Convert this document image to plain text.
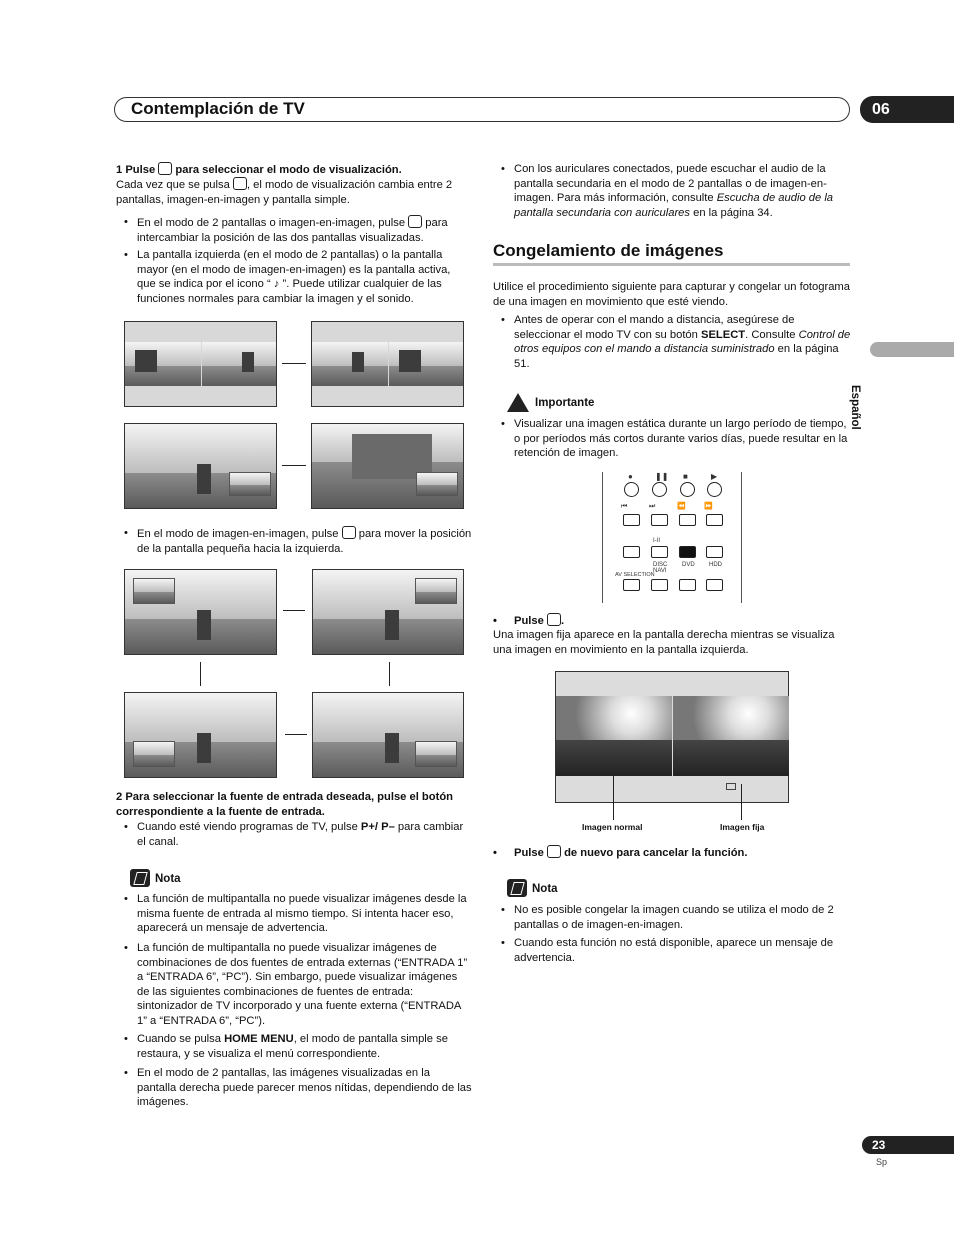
Contemplación de TV	06
Español
1 Pulse  para seleccionar el modo de visualización.
Cada vez que se pulsa , el modo de visualización cambia entre 2 pantallas, imagen-en-imagen y pantalla simple.
• En el modo de 2 pantallas o imagen-en-imagen, pulse  para intercambiar la posición de las dos pantallas visualizadas.
• La pantalla izquierda (en el modo de 2 pantallas) o la pantalla mayor (en el modo de imagen-en-imagen) es la pantalla activa, que se indica por el icono “ ♪ ”. Puede utilizar cualquier de las funciones normales para cambiar la imagen y el sonido.
• En el modo de imagen-en-imagen, pulse  para mover la posición de la pantalla pequeña hacia la izquierda.
2 Para seleccionar la fuente de entrada deseada, pulse el botón correspondiente a la fuente de entrada.
• Cuando esté viendo programas de TV, pulse P+/ P– para cambiar el canal.
Nota
• La función de multipantalla no puede visualizar imágenes desde la misma fuente de entrada al mismo tiempo. Si intenta hacer eso, aparecerá un mensaje de advertencia.
• La función de multipantalla no puede visualizar imágenes de combinaciones de dos fuentes de entrada externas (“ENTRADA 1” a “ENTRADA 6”, “PC”). Sin embargo, puede visualizar imágenes de las siguientes combinaciones de fuentes de entrada: sintonizador de TV incorporado y una fuente externa (“ENTRADA 1” a “ENTRADA 6”, “PC”).
• Cuando se pulsa HOME MENU, el modo de pantalla simple se restaura, y se visualiza el menú correspondiente.
• En el modo de 2 pantallas, las imágenes visualizadas en la pantalla derecha puede parecer menos nítidas, dependiendo de las imágenes.
• Con los auriculares conectados, puede escuchar el audio de la pantalla secundaria en el modo de 2 pantallas o de imagen-en-imagen. Para más información, consulte Escucha de audio de la pantalla secundaria con auriculares en la página 34.
Congelamiento de imágenes
Utilice el procedimiento siguiente para capturar y congelar un fotograma de una imagen en movimiento que esté viendo.
• Antes de operar con el mando a distancia, asegúrese de seleccionar el modo TV con su botón SELECT. Consulte Control de otros equipos con el mando a distancia suministrado en la página 51.
Importante
• Visualizar una imagen estática durante un largo período de tiempo, o por períodos más cortos durante varios días, puede resultar en la retención de imagen.
●	❚❚ ■	▶
⏮	⏭	⏪	⏩
I-II
DISC NAVI
DVD HDD
AV SELECTION
• Pulse .
Una imagen fija aparece en la pantalla derecha mientras se visualiza una imagen en movimiento en la pantalla izquierda.
Imagen normal	Imagen fija
• Pulse  de nuevo para cancelar la función.
Nota
• No es posible congelar la imagen cuando se utiliza el modo de 2 pantallas o de imagen-en-imagen.
• Cuando esta función no está disponible, aparece un mensaje de advertencia.
23
Sp
